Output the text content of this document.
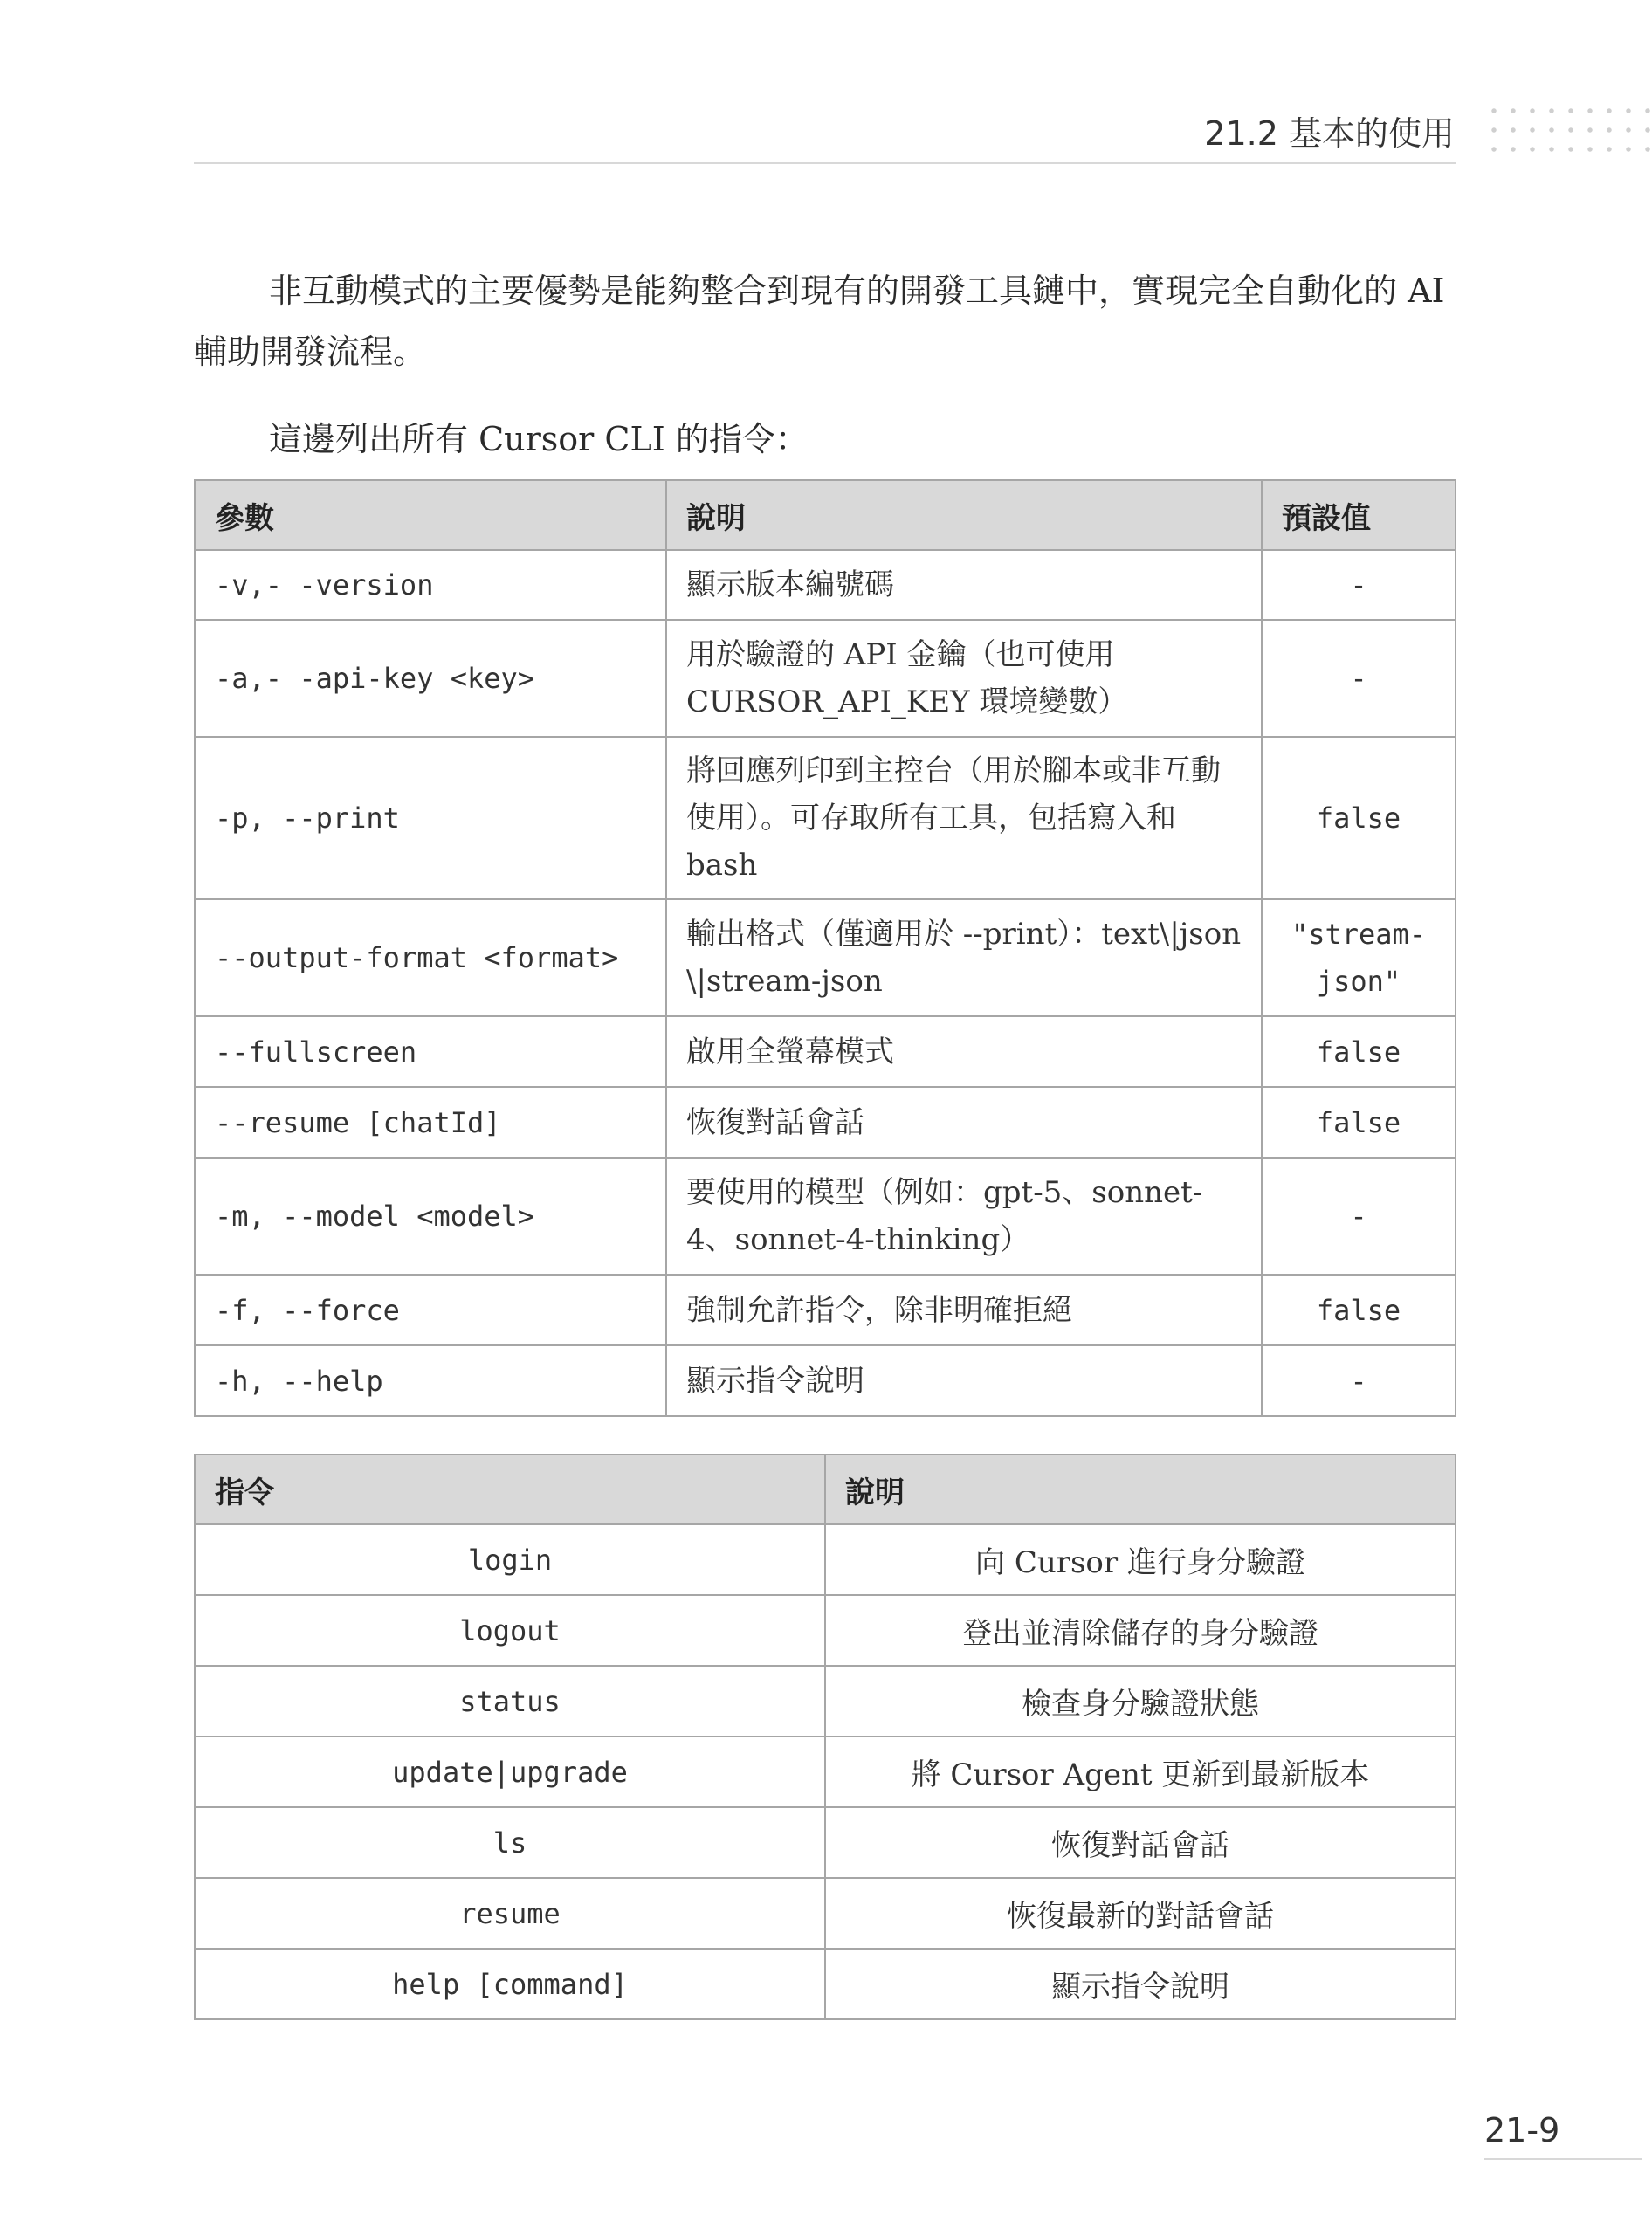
21.2 基本的使用

非互動模式的主要優勢是能夠整合到現有的開發工具鏈中，實現完全自動化的 AI 輔助開發流程。

這邊列出所有 Cursor CLI 的指令：

參數	說明	預設值
-v,- -version	顯示版本編號碼	-
-a,- -api-key <key>	用於驗證的 API 金鑰（也可使用 CURSOR_API_KEY 環境變數）	-
-p, --print	將回應列印到主控台（用於腳本或非互動使用）。可存取所有工具，包括寫入和 bash	false
--output-format <format>	輸出格式（僅適用於 --print）：text\|json \|stream-json	"stream-json"
--fullscreen	啟用全螢幕模式	false
--resume [chatId]	恢復對話會話	false
-m, --model <model>	要使用的模型（例如：gpt-5、sonnet-4、sonnet-4-thinking）	-
-f, --force	強制允許指令，除非明確拒絕	false
-h, --help	顯示指令說明	-
指令	說明
login	向 Cursor 進行身分驗證
logout	登出並清除儲存的身分驗證
status	檢查身分驗證狀態
update|upgrade	將 Cursor Agent 更新到最新版本
ls	恢復對話會話
resume	恢復最新的對話會話
help [command]	顯示指令說明
21-9
